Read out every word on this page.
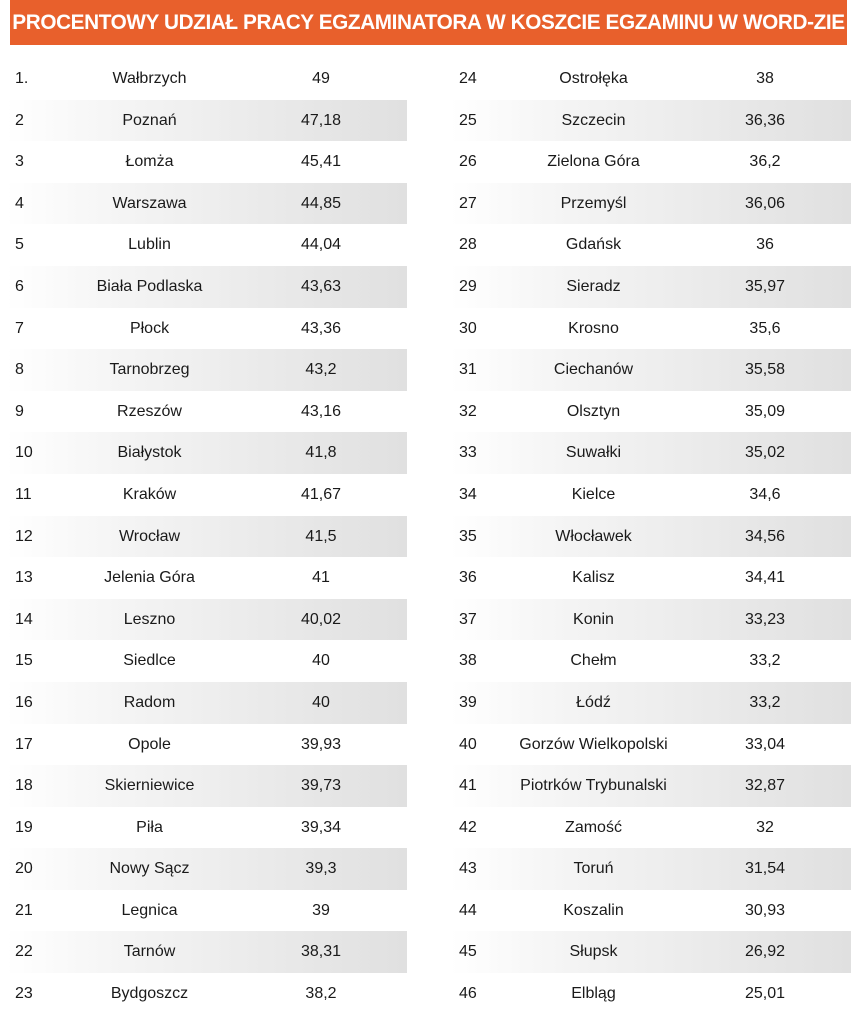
PROCENTOWY UDZIAŁ PRACY EGZAMINATORA W KOSZCIE EGZAMINU W WORD-ZIE
1.	Wałbrzych	49
2	Poznań	47,18
3	Łomża	45,41
4	Warszawa	44,85
5	Lublin	44,04
6	Biała Podlaska	43,63
7	Płock	43,36
8	Tarnobrzeg	43,2
9	Rzeszów	43,16
10	Białystok	41,8
11	Kraków	41,67
12	Wrocław	41,5
13	Jelenia Góra	41
14	Leszno	40,02
15	Siedlce	40
16	Radom	40
17	Opole	39,93
18	Skierniewice	39,73
19	Piła	39,34
20	Nowy Sącz	39,3
21	Legnica	39
22	Tarnów	38,31
23	Bydgoszcz	38,2
24	Ostrołęka	38
25	Szczecin	36,36
26	Zielona Góra	36,2
27	Przemyśl	36,06
28	Gdańsk	36
29	Sieradz	35,97
30	Krosno	35,6
31	Ciechanów	35,58
32	Olsztyn	35,09
33	Suwałki	35,02
34	Kielce	34,6
35	Włocławek	34,56
36	Kalisz	34,41
37	Konin	33,23
38	Chełm	33,2
39	Łódź	33,2
40	Gorzów Wielkopolski	33,04
41	Piotrków Trybunalski	32,87
42	Zamość	32
43	Toruń	31,54
44	Koszalin	30,93
45	Słupsk	26,92
46	Elbląg	25,01
